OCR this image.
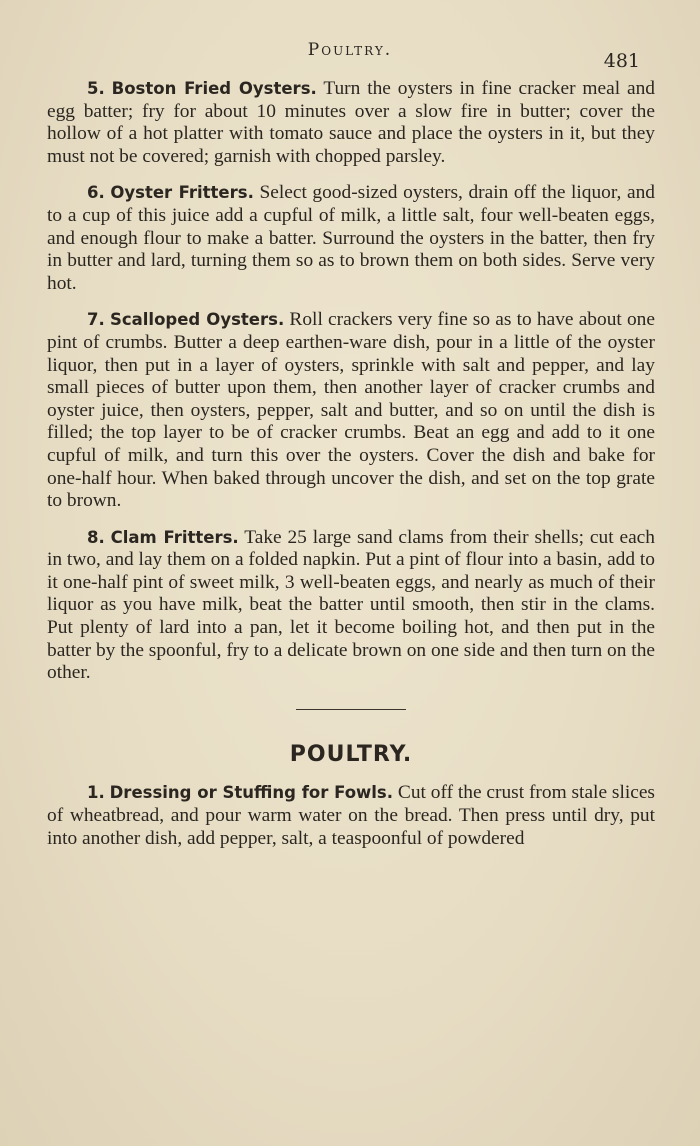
Poultry.	481

5. Boston Fried Oysters. Turn the oysters in fine cracker meal and egg batter; fry for about 10 minutes over a slow fire in butter; cover the hollow of a hot platter with tomato sauce and place the oysters in it, but they must not be covered; garnish with chopped parsley.

6. Oyster Fritters. Select good-sized oysters, drain off the liquor, and to a cup of this juice add a cupful of milk, a little salt, four well-beaten eggs, and enough flour to make a batter. Surround the oysters in the batter, then fry in butter and lard, turning them so as to brown them on both sides. Serve very hot.

7. Scalloped Oysters. Roll crackers very fine so as to have about one pint of crumbs. Butter a deep earthen-ware dish, pour in a little of the oyster liquor, then put in a layer of oysters, sprinkle with salt and pepper, and lay small pieces of butter upon them, then another layer of cracker crumbs and oyster juice, then oysters, pepper, salt and butter, and so on until the dish is filled; the top layer to be of cracker crumbs. Beat an egg and add to it one cupful of milk, and turn this over the oysters. Cover the dish and bake for one-half hour. When baked through uncover the dish, and set on the top grate to brown.

8. Clam Fritters. Take 25 large sand clams from their shells; cut each in two, and lay them on a folded napkin. Put a pint of flour into a basin, add to it one-half pint of sweet milk, 3 well-beaten eggs, and nearly as much of their liquor as you have milk, beat the batter until smooth, then stir in the clams. Put plenty of lard into a pan, let it become boiling hot, and then put in the batter by the spoonful, fry to a delicate brown on one side and then turn on the other.

POULTRY.

1. Dressing or Stuffing for Fowls. Cut off the crust from stale slices of wheatbread, and pour warm water on the bread. Then press until dry, put into another dish, add pepper, salt, a teaspoonful of powdered
